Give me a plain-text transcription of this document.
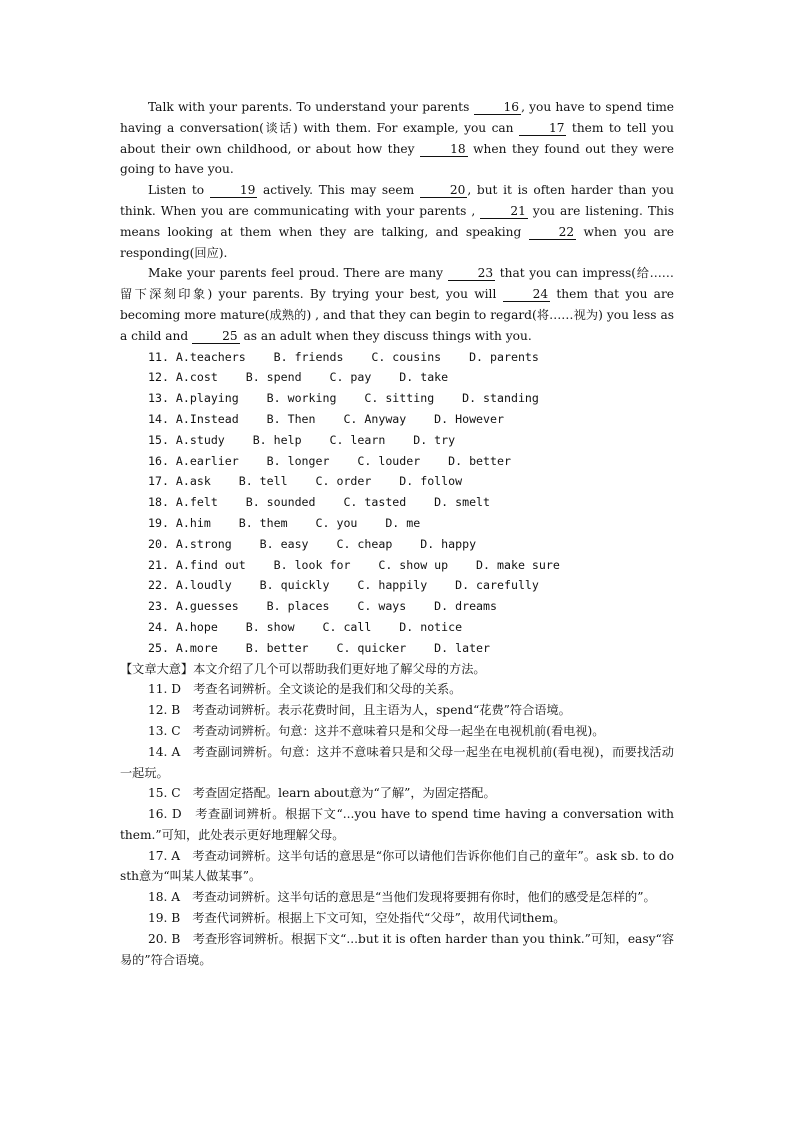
Talk with your parents. To understand your parents 16 , you have to spend time having a conversation(谈话) with them. For example, you can 17 them to tell you about their own childhood, or about how they 18 when they found out they were going to have you.

Listen to 19 actively. This may seem 20 , but it is often harder than you think. When you are communicating with your parents , 21 you are listening. This means looking at them when they are talking, and speaking 22 when you are responding(回应).

Make your parents feel proud. There are many 23 that you can impress(给……留下深刻印象) your parents. By trying your best, you will 24 them that you are becoming more mature(成熟的) , and that they can begin to regard(将……视为) you less as a child and 25 as an adult when they discuss things with you.

11. A.teachers    B. friends    C. cousins    D. parents
12. A.cost    B. spend    C. pay    D. take
13. A.playing    B. working    C. sitting    D. standing
14. A.Instead    B. Then    C. Anyway    D. However
15. A.study    B. help    C. learn    D. try
16. A.earlier    B. longer    C. louder    D. better
17. A.ask    B. tell    C. order    D. follow
18. A.felt    B. sounded    C. tasted    D. smelt
19. A.him    B. them    C. you    D. me
20. A.strong    B. easy    C. cheap    D. happy
21. A.find out    B. look for    C. show up    D. make sure
22. A.loudly    B. quickly    C. happily    D. carefully
23. A.guesses    B. places    C. ways    D. dreams
24. A.hope    B. show    C. call    D. notice
25. A.more    B. better    C. quicker    D. later

【文章大意】本文介绍了几个可以帮助我们更好地了解父母的方法。

11. D　考查名词辨析。全文谈论的是我们和父母的关系。

12. B　考查动词辨析。表示花费时间，且主语为人，spend“花费”符合语境。

13. C　考查动词辨析。句意：这并不意味着只是和父母一起坐在电视机前(看电视)。

14. A　考查副词辨析。句意：这并不意味着只是和父母一起坐在电视机前(看电视)，而要找活动一起玩。

15. C　考查固定搭配。learn about意为“了解”，为固定搭配。

16. D　考查副词辨析。根据下文“...you have to spend time having a conversation with them.”可知，此处表示更好地理解父母。

17. A　考查动词辨析。这半句话的意思是“你可以请他们告诉你他们自己的童年”。ask sb. to do sth意为“叫某人做某事”。

18. A　考查动词辨析。这半句话的意思是“当他们发现将要拥有你时，他们的感受是怎样的”。

19. B　考查代词辨析。根据上下文可知，空处指代“父母”，故用代词them。

20. B　考查形容词辨析。根据下文“...but it is often harder than you think.”可知，easy“容易的”符合语境。
